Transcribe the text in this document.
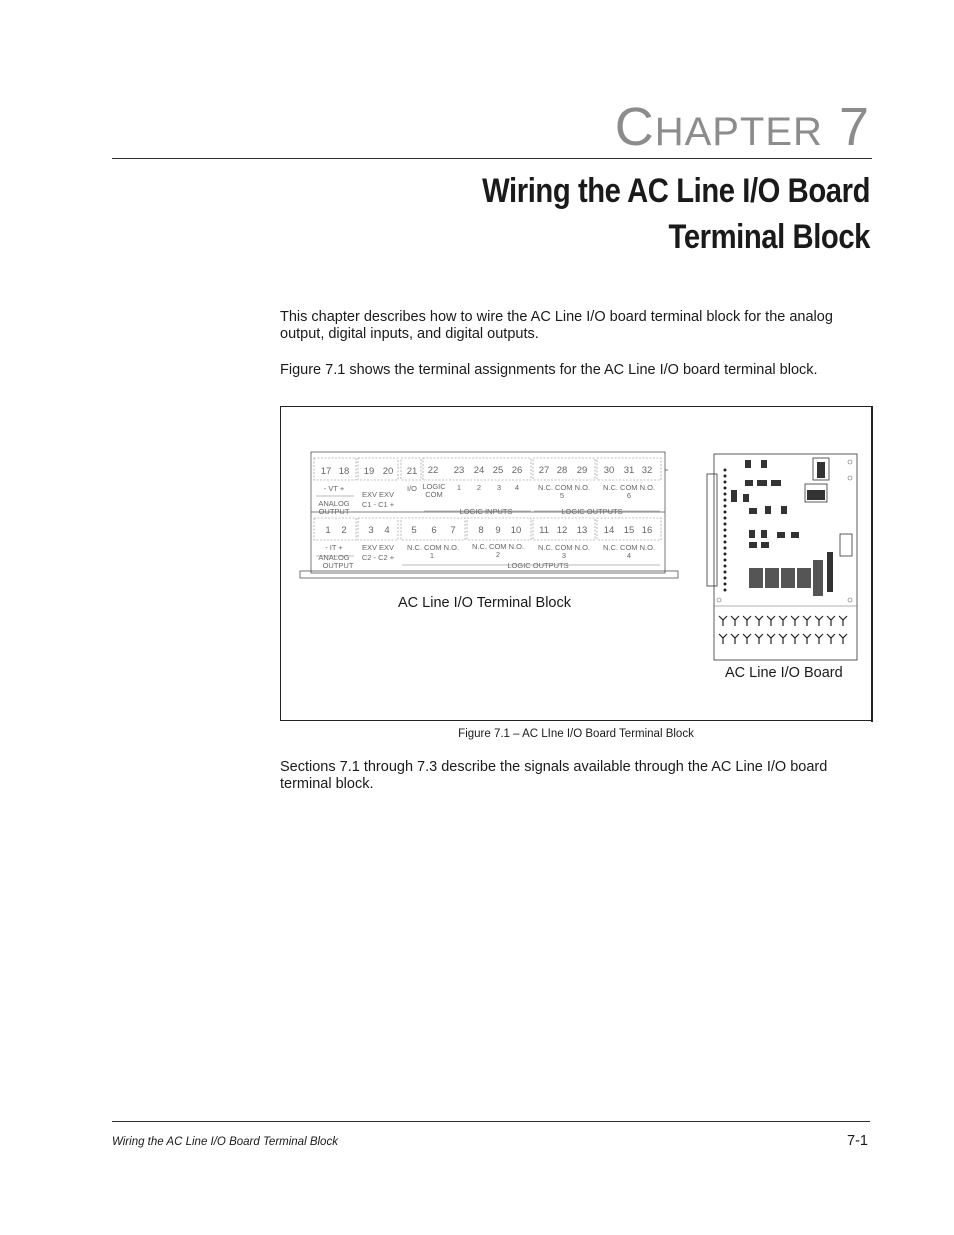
CHAPTER 7
Wiring the AC Line I/O Board
Terminal Block

This chapter describes how to wire the AC Line I/O board terminal block for the analog output, digital inputs, and digital outputs.

Figure 7.1 shows the terminal assignments for the AC Line I/O board terminal block.

17 18 19 20 21 22 23 24 25 26 27 28 29 30 31 32
1 2 3 4 5 6 7 8 9 10 11 12 13 14 15 16
- VT +
EXV EXV
C1 - C1 +
I/O LOGIC
COM
1 2 3 4	N.C. COM N.O. N.C. COM N.O.
5	6
ANALOG
OUTPUT	LOGIC INPUTS	LOGIC OUTPUTS
- IT +	EXV EXV
C2 - C2 +
N.C. COM N.O. N.C. COM N.O. N.C. COM N.O. N.C. COM N.O.
1	2	3	4
ANALOG
OUTPUT	LOGIC OUTPUTS
AC Line I/O Terminal Block
AC Line I/O Board
Figure 7.1 – AC LIne I/O Board Terminal Block

Sections 7.1 through 7.3 describe the signals available through the AC Line I/O board terminal block.

Wiring the AC Line I/O Board Terminal Block	7-1
